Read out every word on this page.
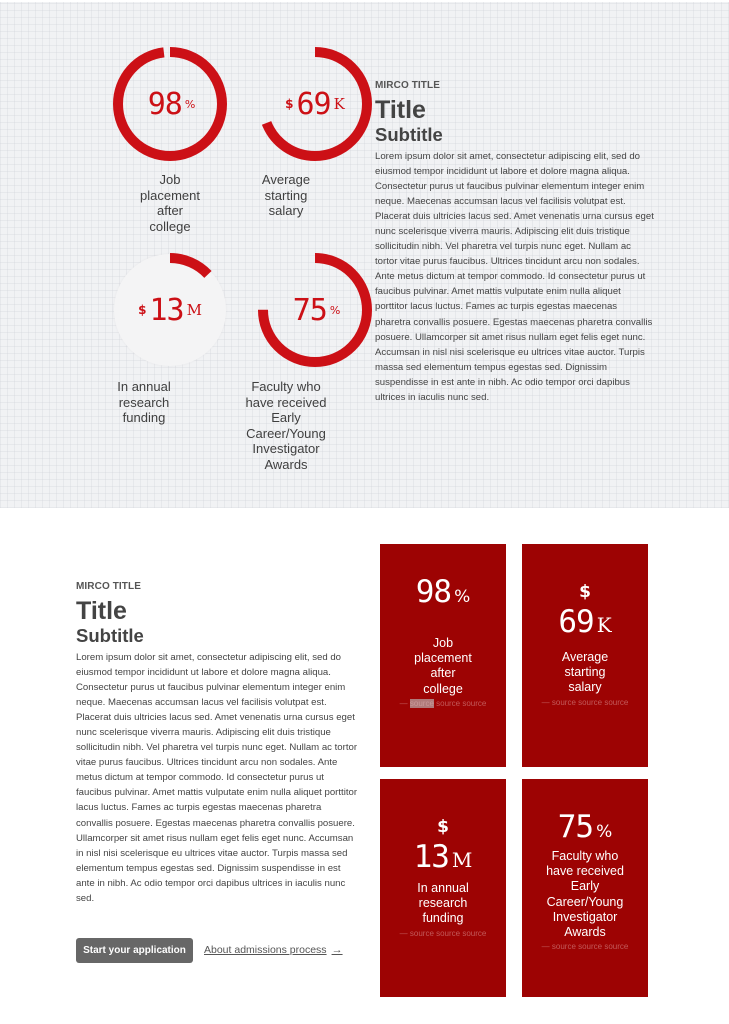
98 %
Job placement after college
$ 69 K
Average starting salary
$ 13 M
In annual research funding
75 %
Faculty who have received Early Career/Young Investigator Awards
MIRCO TITLE
Title
Subtitle
Lorem ipsum dolor sit amet, consectetur adipiscing elit, sed do eiusmod tempor incididunt ut labore et dolore magna aliqua. Consectetur purus ut faucibus pulvinar elementum integer enim neque. Maecenas accumsan lacus vel facilisis volutpat est. Placerat duis ultricies lacus sed. Amet venenatis urna cursus eget nunc scelerisque viverra mauris. Adipiscing elit duis tristique sollicitudin nibh. Vel pharetra vel turpis nunc eget. Nullam ac tortor vitae purus faucibus. Ultrices tincidunt arcu non sodales. Ante metus dictum at tempor commodo. Id consectetur purus ut faucibus pulvinar. Amet mattis vulputate enim nulla aliquet porttitor lacus luctus. Fames ac turpis egestas maecenas pharetra convallis posuere. Egestas maecenas pharetra convallis posuere. Ullamcorper sit amet risus nullam eget felis eget nunc. Accumsan in nisl nisi scelerisque eu ultrices vitae auctor. Turpis massa sed elementum tempus egestas sed. Dignissim suspendisse in est ante in nibh. Ac odio tempor orci dapibus ultrices in iaculis nunc sed.
MIRCO TITLE
Title
Subtitle
Lorem ipsum dolor sit amet, consectetur adipiscing elit, sed do eiusmod tempor incididunt ut labore et dolore magna aliqua. Consectetur purus ut faucibus pulvinar elementum integer enim neque. Maecenas accumsan lacus vel facilisis volutpat est. Placerat duis ultricies lacus sed. Amet venenatis urna cursus eget nunc scelerisque viverra mauris. Adipiscing elit duis tristique sollicitudin nibh. Vel pharetra vel turpis nunc eget. Nullam ac tortor vitae purus faucibus. Ultrices tincidunt arcu non sodales. Ante metus dictum at tempor commodo. Id consectetur purus ut faucibus pulvinar. Amet mattis vulputate enim nulla aliquet porttitor lacus luctus. Fames ac turpis egestas maecenas pharetra convallis posuere. Egestas maecenas pharetra convallis posuere. Ullamcorper sit amet risus nullam eget felis eget nunc. Accumsan in nisl nisi scelerisque eu ultrices vitae auctor. Turpis massa sed elementum tempus egestas sed. Dignissim suspendisse in est ante in nibh. Ac odio tempor orci dapibus ultrices in iaculis nunc sed.
Start your application	About admissions process →
98 %
Job placement after college
— source source source
$
69 K
Average starting salary
— source source source
$
13 M
In annual research funding
— source source source
75 %
Faculty who have received Early Career/Young Investigator Awards
— source source source
